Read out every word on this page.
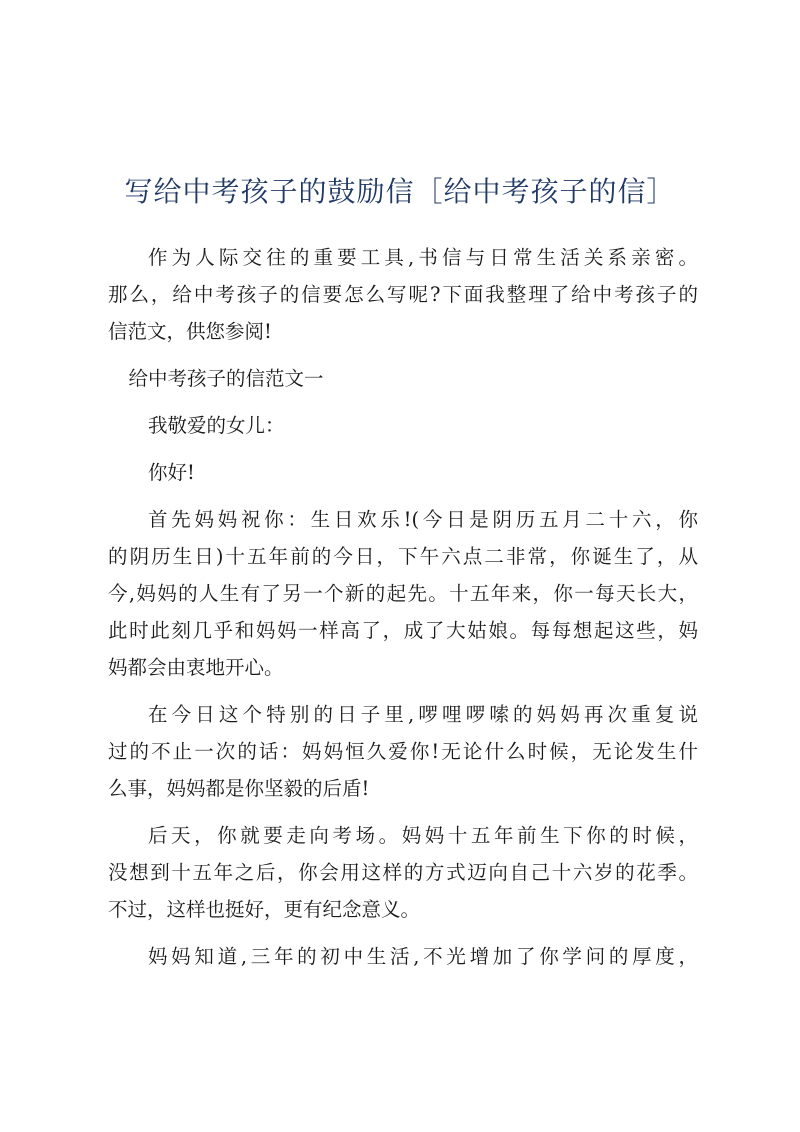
写给中考孩子的鼓励信［给中考孩子的信］

作为人际交往的重要工具,书信与日常生活关系亲密。
那么，给中考孩子的信要怎么写呢?下面我整理了给中考孩子的
信范文，供您参阅!

给中考孩子的信范文一

我敬爱的女儿：

你好!

首先妈妈祝你：生日欢乐!(今日是阴历五月二十六，你
的阴历生日)十五年前的今日，下午六点二非常，你诞生了，从
今,妈妈的人生有了另一个新的起先。十五年来，你一每天长大，
此时此刻几乎和妈妈一样高了，成了大姑娘。每每想起这些，妈
妈都会由衷地开心。

在今日这个特别的日子里,啰哩啰嗦的妈妈再次重复说
过的不止一次的话：妈妈恒久爱你!无论什么时候，无论发生什
么事，妈妈都是你坚毅的后盾!

后天，你就要走向考场。妈妈十五年前生下你的时候，
没想到十五年之后，你会用这样的方式迈向自己十六岁的花季。
不过，这样也挺好，更有纪念意义。

妈妈知道,三年的初中生活,不光增加了你学问的厚度，
